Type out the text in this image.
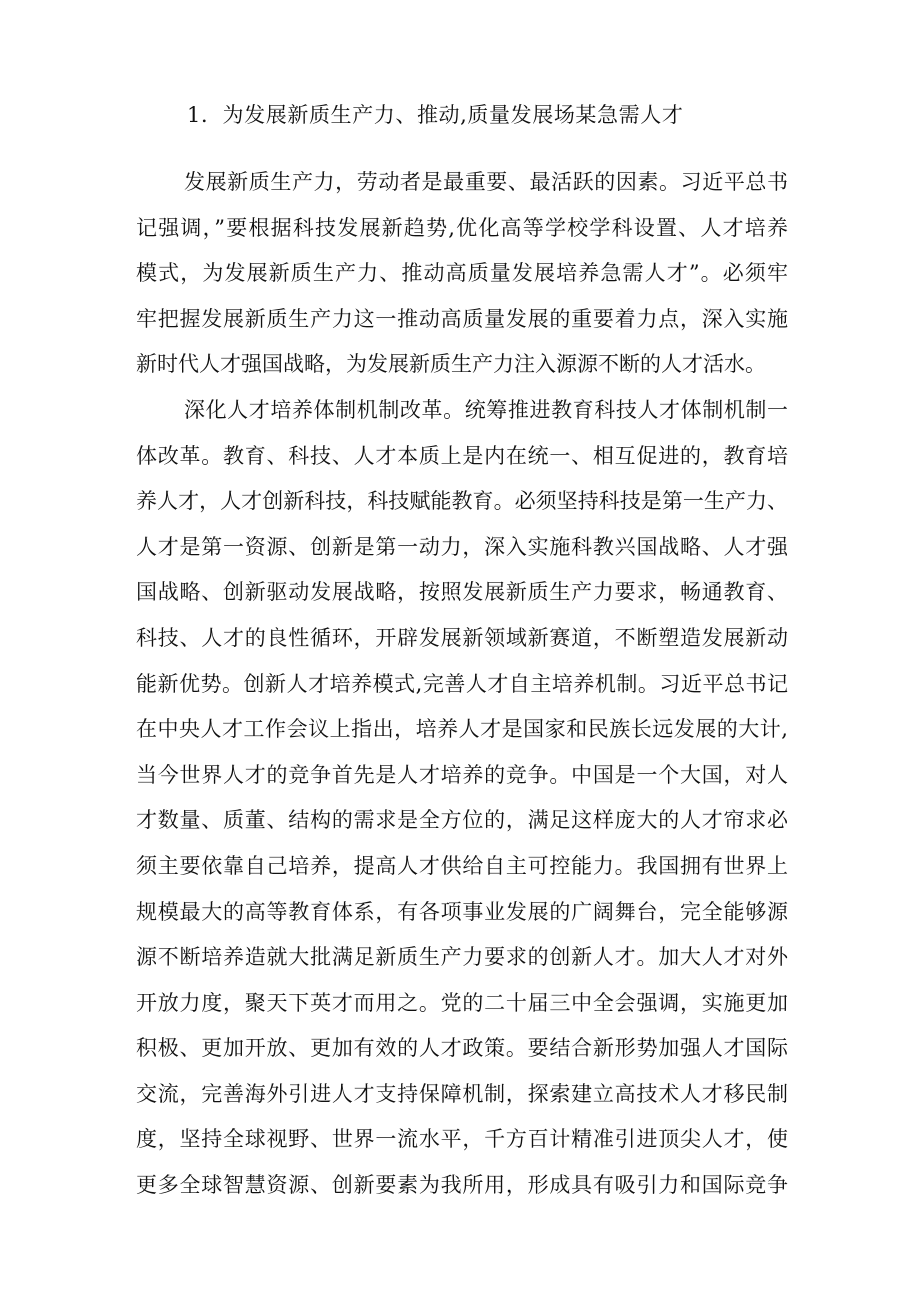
1．为发展新质生产力、推动,质量发展场某急需人才
发展新质生产力，劳动者是最重要、最活跃的因素。习近平总书
记强调，”要根据科技发展新趋势,优化高等学校学科设置、人才培养
模式，为发展新质生产力、推动高质量发展培养急需人才”。必须牢
牢把握发展新质生产力这一推动高质量发展的重要着力点，深入实施
新时代人才强国战略，为发展新质生产力注入源源不断的人才活水。
深化人才培养体制机制改革。统筹推进教育科技人才体制机制一
体改革。教育、科技、人才本质上是内在统一、相互促进的，教育培
养人才，人才创新科技，科技赋能教育。必须坚持科技是第一生产力、
人才是第一资源、创新是第一动力，深入实施科教兴国战略、人才强
国战略、创新驱动发展战略，按照发展新质生产力要求，畅通教育、
科技、人才的良性循环，开辟发展新领域新赛道，不断塑造发展新动
能新优势。创新人才培养模式,完善人才自主培养机制。习近平总书记
在中央人才工作会议上指出，培养人才是国家和民族长远发展的大计,
当今世界人才的竞争首先是人才培养的竞争。中国是一个大国，对人
才数量、质董、结构的需求是全方位的，满足这样庞大的人才帘求必
须主要依靠自己培养，提高人才供给自主可控能力。我国拥有世界上
规模最大的高等教育体系，有各项事业发展的广阔舞台，完全能够源
源不断培养造就大批满足新质生产力要求的创新人才。加大人才对外
开放力度，聚天下英才而用之。党的二十届三中全会强调，实施更加
积极、更加开放、更加有效的人才政策。要结合新形势加强人才国际
交流，完善海外引进人才支持保障机制，探索建立高技术人才移民制
度，坚持全球视野、世界一流水平，千方百计精准引进顶尖人才，使
更多全球智慧资源、创新要素为我所用，形成具有吸引力和国际竞争
